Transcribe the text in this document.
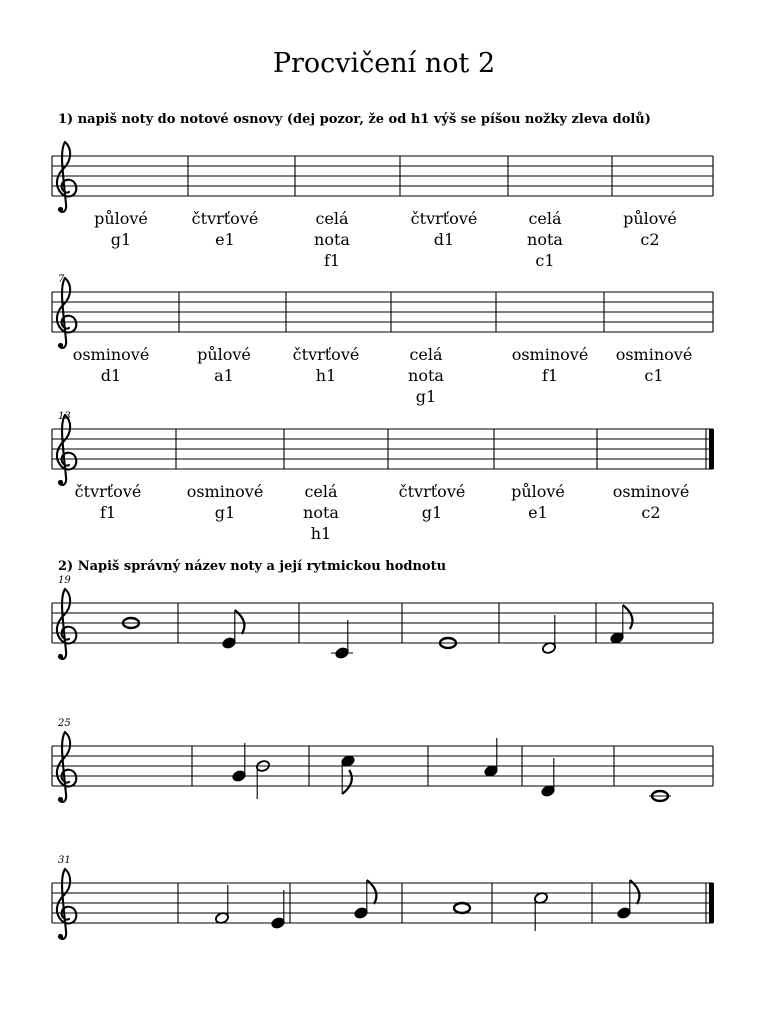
Procvičení not 2
1) napiš noty do notové osnovy (dej pozor, že od h1 výš se píšou nožky zleva dolů)
2) Napiš správný název noty a její rytmickou hodnotu
půlové
g1
čtvrťové
e1
celá
nota
f1
čtvrťové
d1
celá
nota
c1
půlové
c2
7
osminové
d1
půlové
a1
čtvrťové
h1
celá
nota
g1
osminové
f1
osminové
c1
13
čtvrťové
f1
osminové
g1
celá
nota
h1
čtvrťové
g1
půlové
e1
osminové
c2
19
25
31
